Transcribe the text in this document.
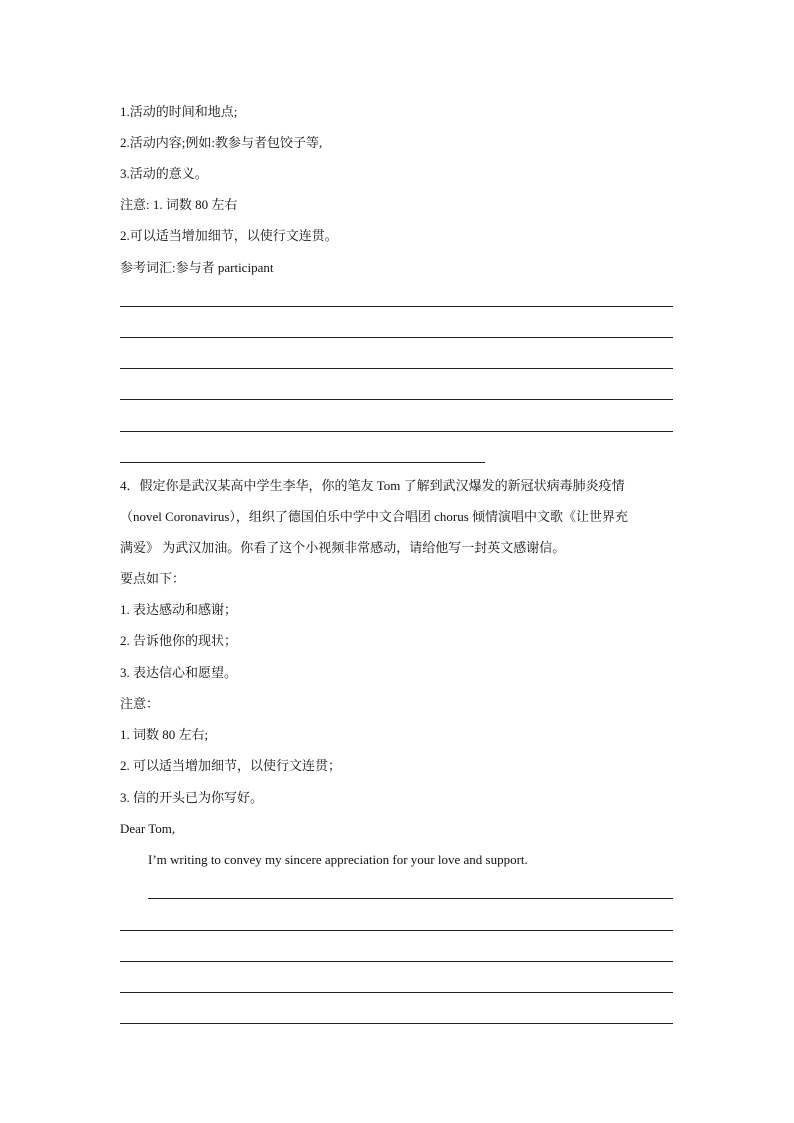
1.活动的时间和地点;
2.活动内容;例如:教参与者包饺子等,
3.活动的意义。
注意: 1. 词数 80 左右
2.可以适当增加细节，以使行文连贯。
参考词汇:参与者 participant
4．假定你是武汉某高中学生李华，你的笔友 Tom 了解到武汉爆发的新冠状病毒肺炎疫情
（novel Coronavirus），组织了德国伯乐中学中文合唱团 chorus 倾情演唱中文歌《让世界充
满爱》 为武汉加油。你看了这个小视频非常感动，请给他写一封英文感谢信。
要点如下：
1. 表达感动和感谢；
2. 告诉他你的现状；
3. 表达信心和愿望。
注意：
1. 词数 80 左右;
2. 可以适当增加细节，以使行文连贯；
3. 信的开头已为你写好。
Dear Tom,
I’m writing to convey my sincere appreciation for your love and support.
